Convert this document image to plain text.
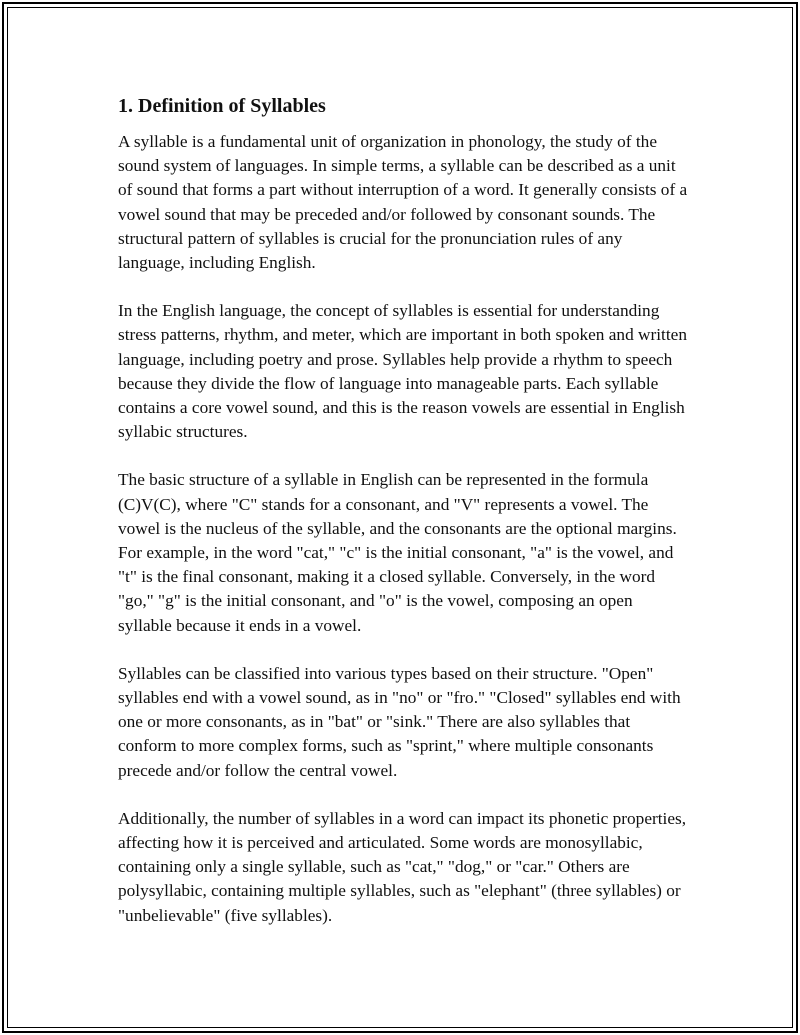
1. Definition of Syllables

A syllable is a fundamental unit of organization in phonology, the study of the sound system of languages. In simple terms, a syllable can be described as a unit of sound that forms a part without interruption of a word. It generally consists of a vowel sound that may be preceded and/or followed by consonant sounds. The structural pattern of syllables is crucial for the pronunciation rules of any language, including English.

In the English language, the concept of syllables is essential for understanding stress patterns, rhythm, and meter, which are important in both spoken and written language, including poetry and prose. Syllables help provide a rhythm to speech because they divide the flow of language into manageable parts. Each syllable contains a core vowel sound, and this is the reason vowels are essential in English syllabic structures.

The basic structure of a syllable in English can be represented in the formula (C)V(C), where "C" stands for a consonant, and "V" represents a vowel. The vowel is the nucleus of the syllable, and the consonants are the optional margins. For example, in the word "cat," "c" is the initial consonant, "a" is the vowel, and "t" is the final consonant, making it a closed syllable. Conversely, in the word "go," "g" is the initial consonant, and "o" is the vowel, composing an open syllable because it ends in a vowel.

Syllables can be classified into various types based on their structure. "Open" syllables end with a vowel sound, as in "no" or "fro." "Closed" syllables end with one or more consonants, as in "bat" or "sink." There are also syllables that conform to more complex forms, such as "sprint," where multiple consonants precede and/or follow the central vowel.

Additionally, the number of syllables in a word can impact its phonetic properties, affecting how it is perceived and articulated. Some words are monosyllabic, containing only a single syllable, such as "cat," "dog," or "car." Others are polysyllabic, containing multiple syllables, such as "elephant" (three syllables) or "unbelievable" (five syllables).
